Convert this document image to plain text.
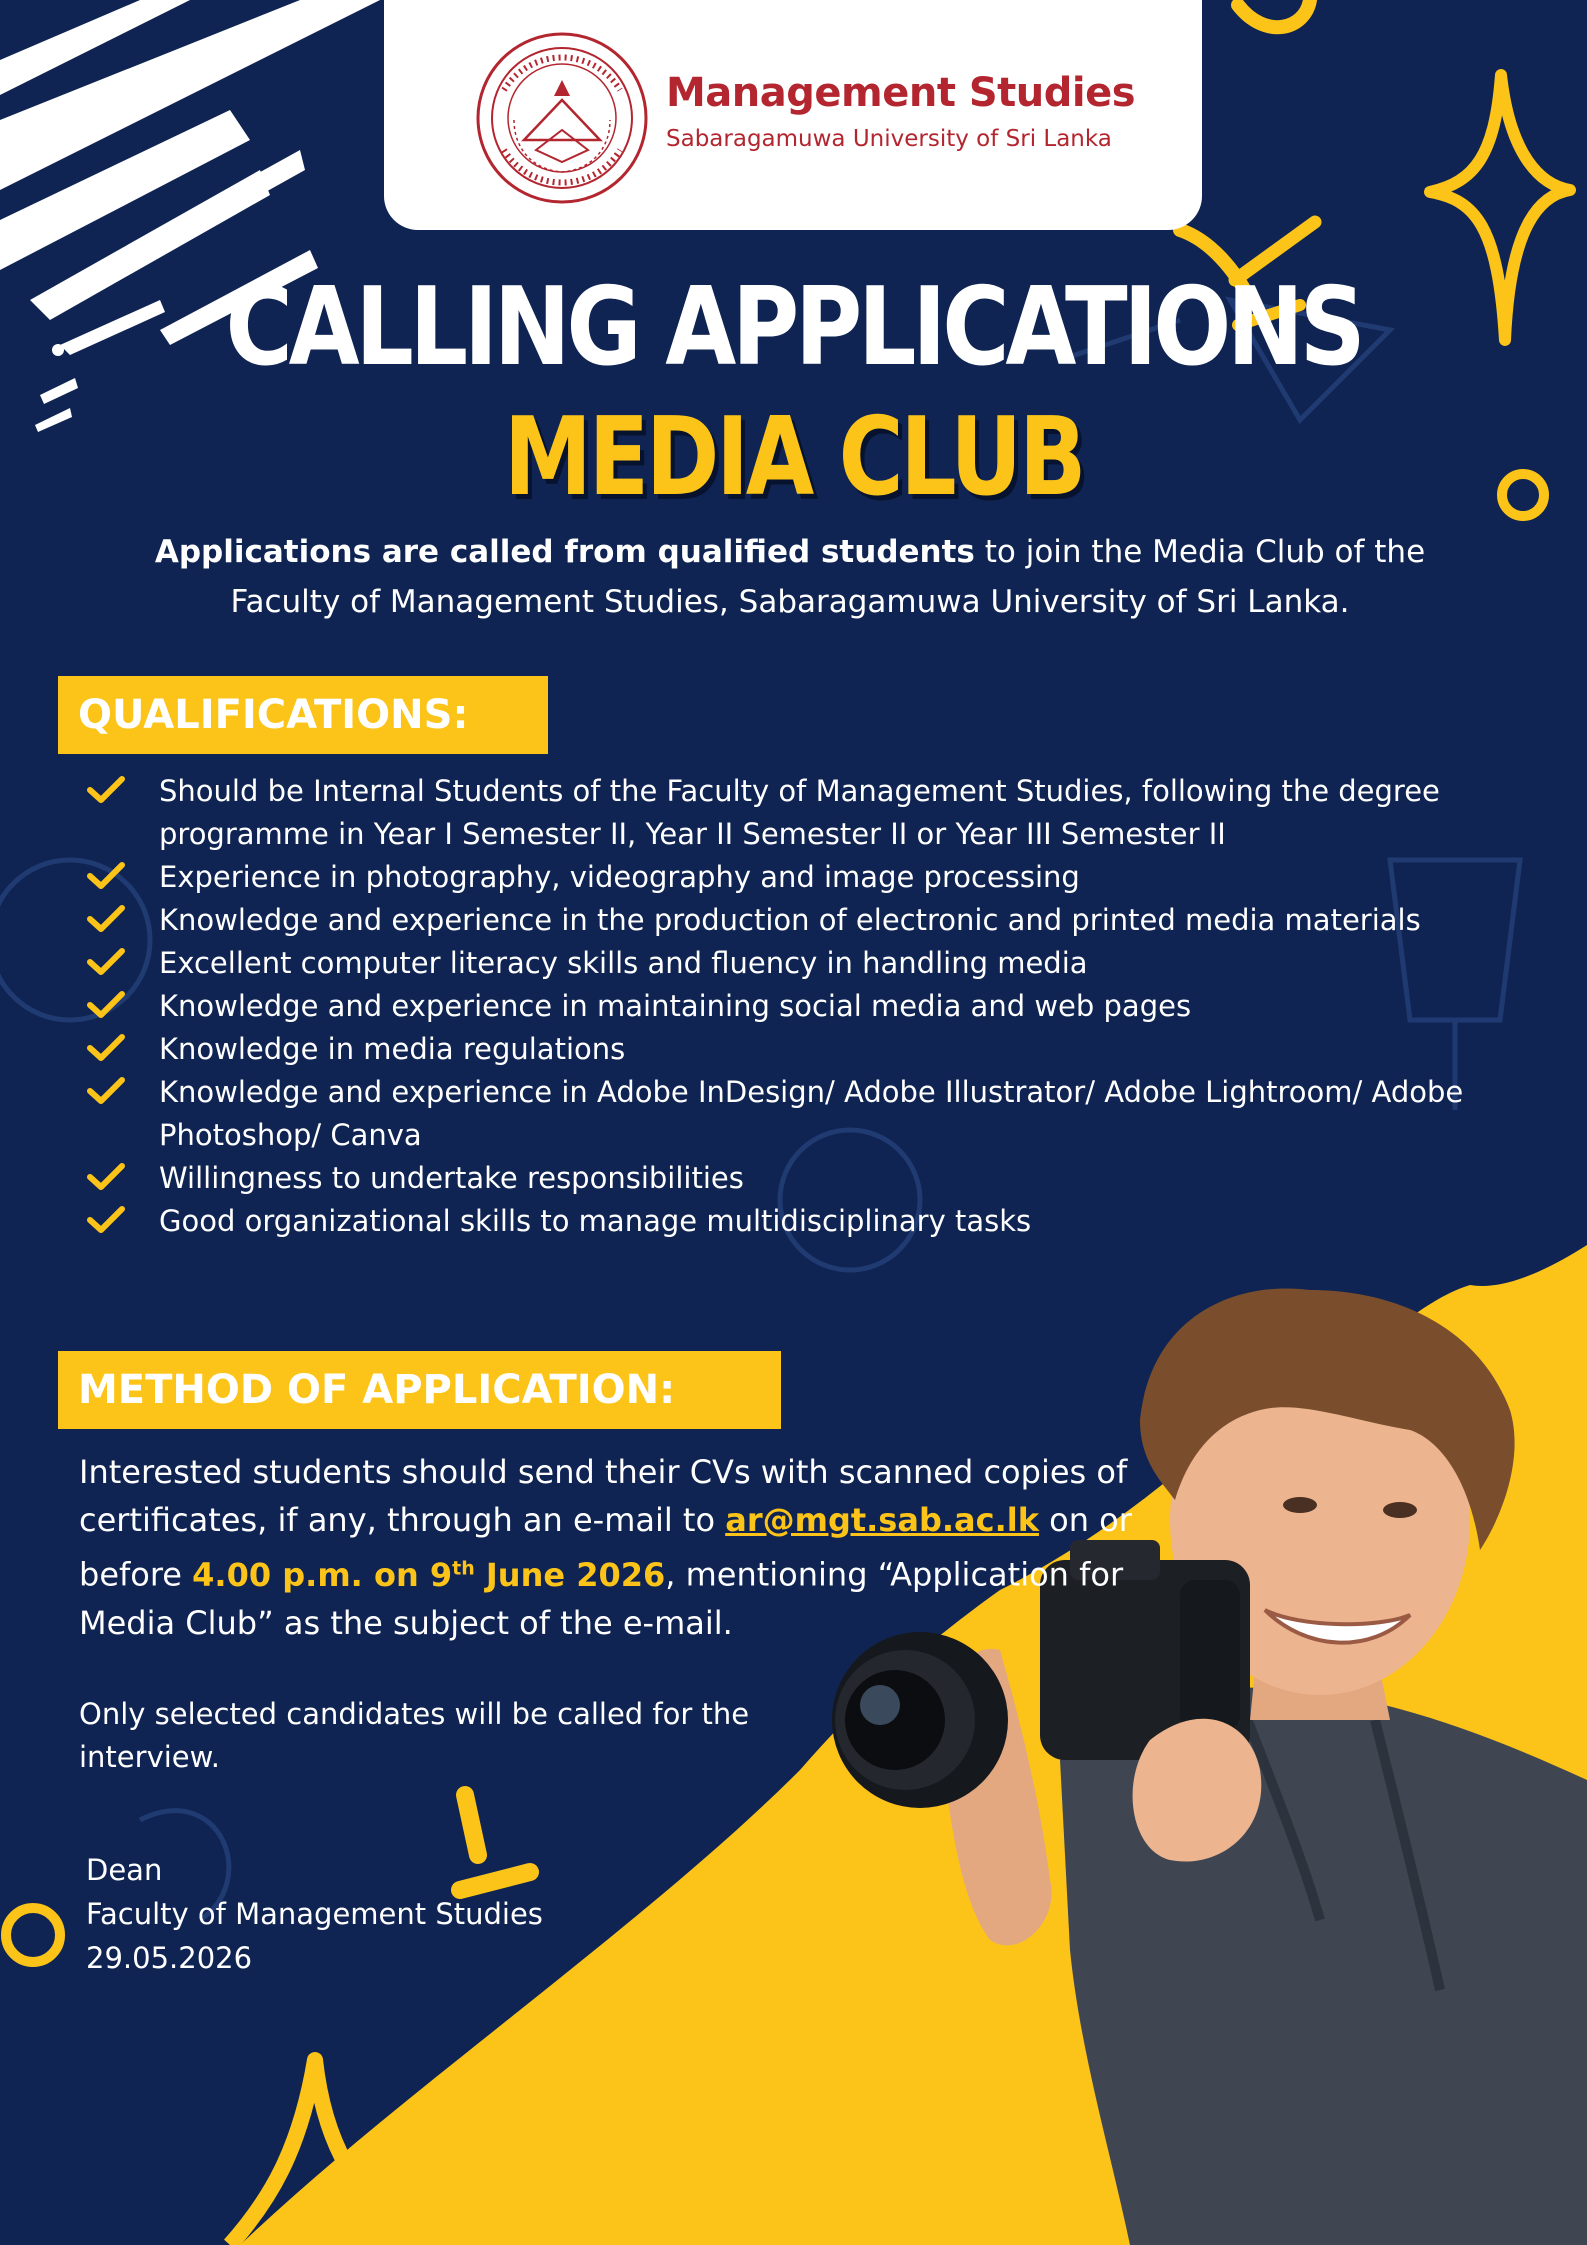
Management Studies
Sabaragamuwa University of Sri Lanka
CALLING APPLICATIONS
MEDIA CLUB
Applications are called from qualified students to join the Media Club of the
Faculty of Management Studies, Sabaragamuwa University of Sri Lanka.
QUALIFICATIONS:
Should be Internal Students of the Faculty of Management Studies, following the degree programme in Year I Semester II, Year II Semester II or Year III Semester II
Experience in photography, videography and image processing
Knowledge and experience in the production of electronic and printed media materials
Excellent computer literacy skills and fluency in handling media
Knowledge and experience in maintaining social media and web pages
Knowledge in media regulations
Knowledge and experience in Adobe InDesign/ Adobe Illustrator/ Adobe Lightroom/ Adobe Photoshop/ Canva
Willingness to undertake responsibilities
Good organizational skills to manage multidisciplinary tasks
METHOD OF APPLICATION:
Interested students should send their CVs with scanned copies of certificates, if any, through an e-mail to ar@mgt.sab.ac.lk on or before 4.00 p.m. on 9th June 2026, mentioning “Application for Media Club” as the subject of the e-mail.
Only selected candidates will be called for the interview.
Dean
Faculty of Management Studies
29.05.2026
